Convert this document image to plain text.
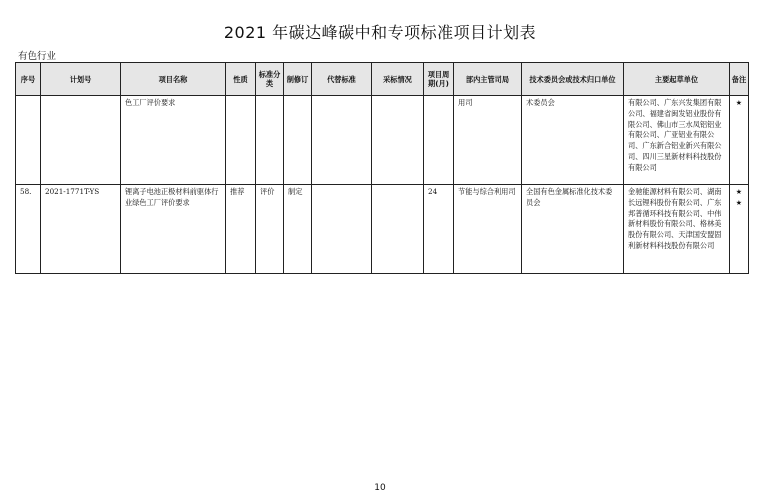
2021 年碳达峰碳中和专项标准项目计划表
有色行业
序号	计划号	项目名称	性质	标准分类	制修订	代替标准	采标情况	项目周期(月)	部内主管司局	技术委员会或技术归口单位	主要起草单位	备注
		色工厂评价要求							用司	术委员会	有限公司、广东兴发集团有限公司、福建省闽发铝业股份有限公司、佛山市三水凤铝铝业有限公司、广亚铝业有限公司、广东新合铝业新兴有限公司、四川三星新材料科技股份有限公司	★
58.	2021-1771T-YS	锂离子电池正极材料前驱体行业绿色工厂评价要求	推荐	评价	制定			24	节能与综合利用司	全国有色金属标准化技术委员会	金驰能源材料有限公司、湖南长远锂科股份有限公司、广东邦普循环科技有限公司、中伟新材料股份有限公司、格林美股份有限公司、天津国安盟固利新材料科技股份有限公司	★
★
10
